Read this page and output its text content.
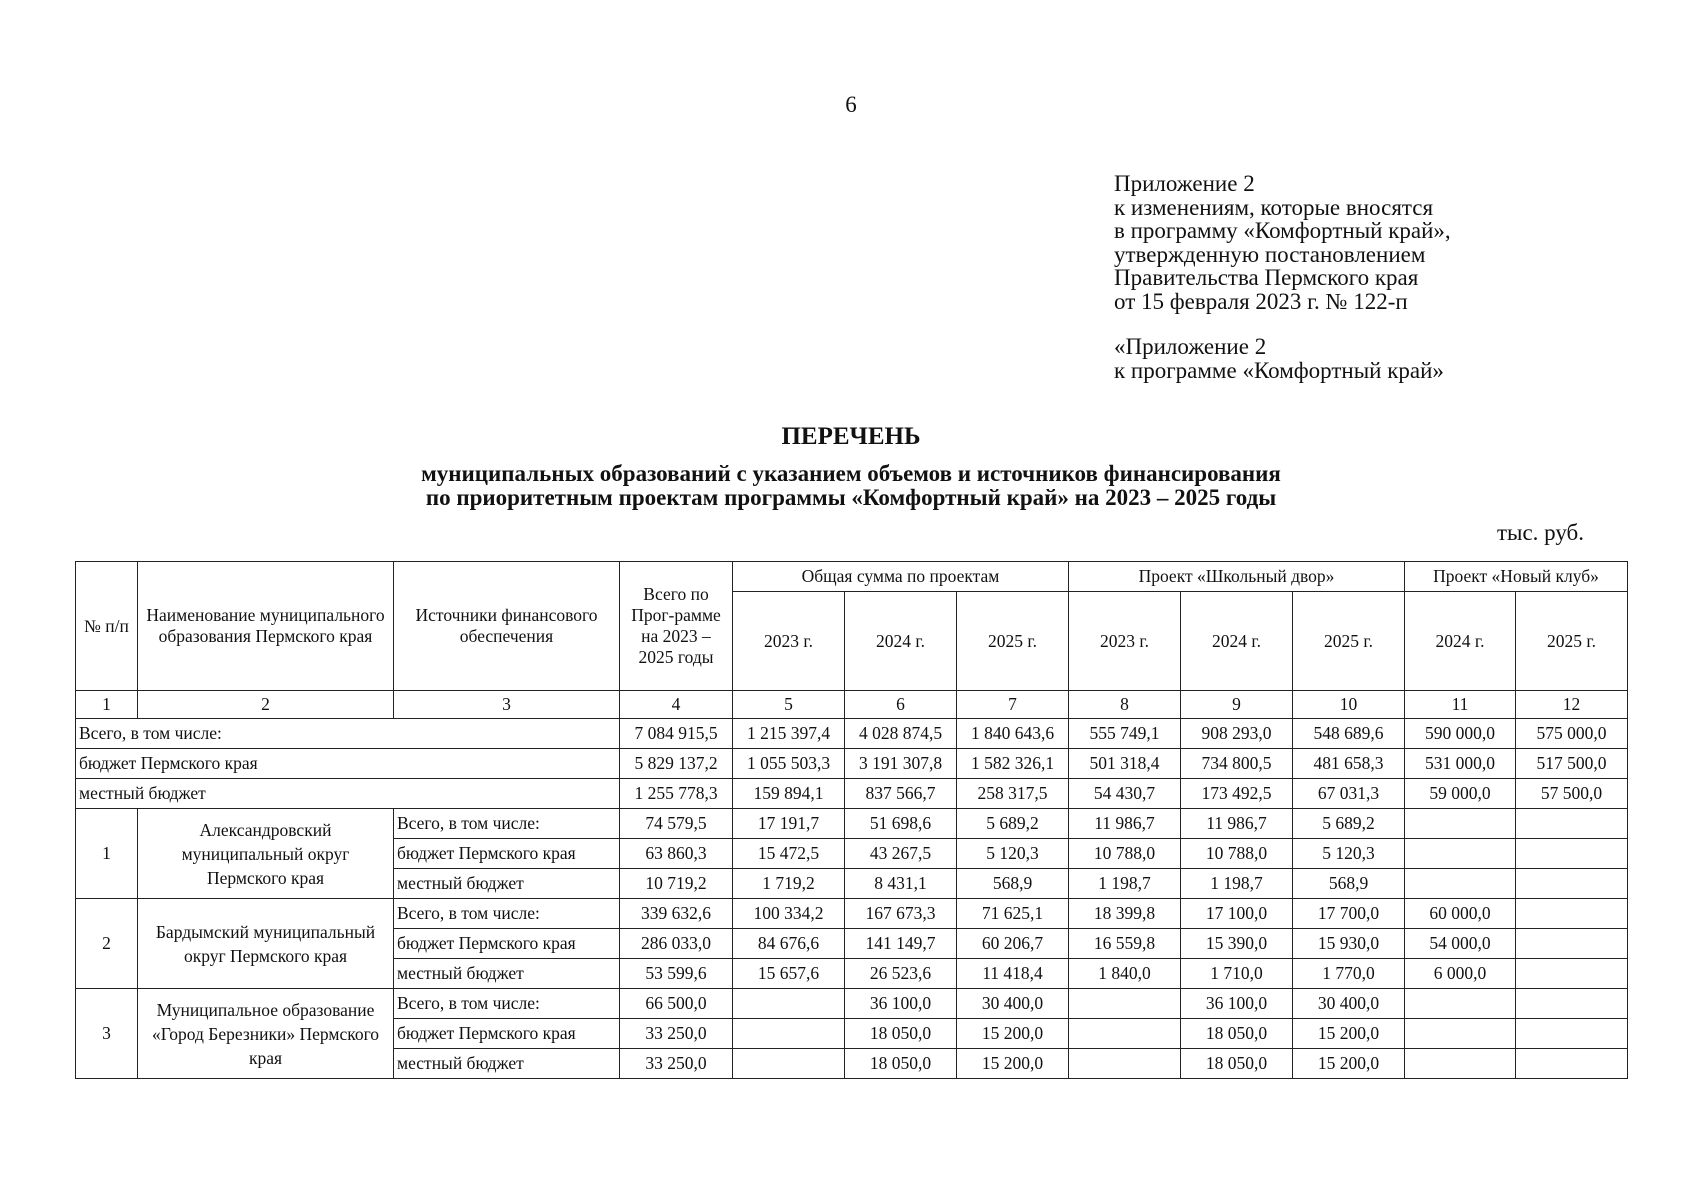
6
Приложение 2
к изменениям, которые вносятся
в программу «Комфортный край»,
утвержденную постановлением
Правительства Пермского края
от 15 февраля 2023 г. № 122-п
«Приложение 2
к программе «Комфортный край»
ПЕРЕЧЕНЬ
муниципальных образований с указанием объемов и источников финансирования
по приоритетным проектам программы «Комфортный край» на 2023 – 2025 годы
тыс. руб.
№ п/п	Наименование муниципального образования Пермского края	Источники финансового обеспечения	Всего по Прог-рамме на 2023 – 2025 годы	Общая сумма по проектам			Проект «Школьный двор»			Проект «Новый клуб»	
				2023 г.	2024 г.	2025 г.	2023 г.	2024 г.	2025 г.	2024 г.	2025 г.
1	2	3	4	5	6	7	8	9	10	11	12
Всего, в том числе:			7 084 915,5	1 215 397,4	4 028 874,5	1 840 643,6	555 749,1	908 293,0	548 689,6	590 000,0	575 000,0
бюджет Пермского края			5 829 137,2	1 055 503,3	3 191 307,8	1 582 326,1	501 318,4	734 800,5	481 658,3	531 000,0	517 500,0
местный бюджет			1 255 778,3	159 894,1	837 566,7	258 317,5	54 430,7	173 492,5	67 031,3	59 000,0	57 500,0
1	Александровский муниципальный округ Пермского края	Всего, в том числе:	74 579,5	17 191,7	51 698,6	5 689,2	11 986,7	11 986,7	5 689,2		
		бюджет Пермского края	63 860,3	15 472,5	43 267,5	5 120,3	10 788,0	10 788,0	5 120,3		
		местный бюджет	10 719,2	1 719,2	8 431,1	568,9	1 198,7	1 198,7	568,9		
2	Бардымский муниципальный округ Пермского края	Всего, в том числе:	339 632,6	100 334,2	167 673,3	71 625,1	18 399,8	17 100,0	17 700,0	60 000,0	
		бюджет Пермского края	286 033,0	84 676,6	141 149,7	60 206,7	16 559,8	15 390,0	15 930,0	54 000,0	
		местный бюджет	53 599,6	15 657,6	26 523,6	11 418,4	1 840,0	1 710,0	1 770,0	6 000,0	
3	Муниципальное образование «Город Березники» Пермского края	Всего, в том числе:	66 500,0		36 100,0	30 400,0		36 100,0	30 400,0		
		бюджет Пермского края	33 250,0		18 050,0	15 200,0		18 050,0	15 200,0		
		местный бюджет	33 250,0		18 050,0	15 200,0		18 050,0	15 200,0		
